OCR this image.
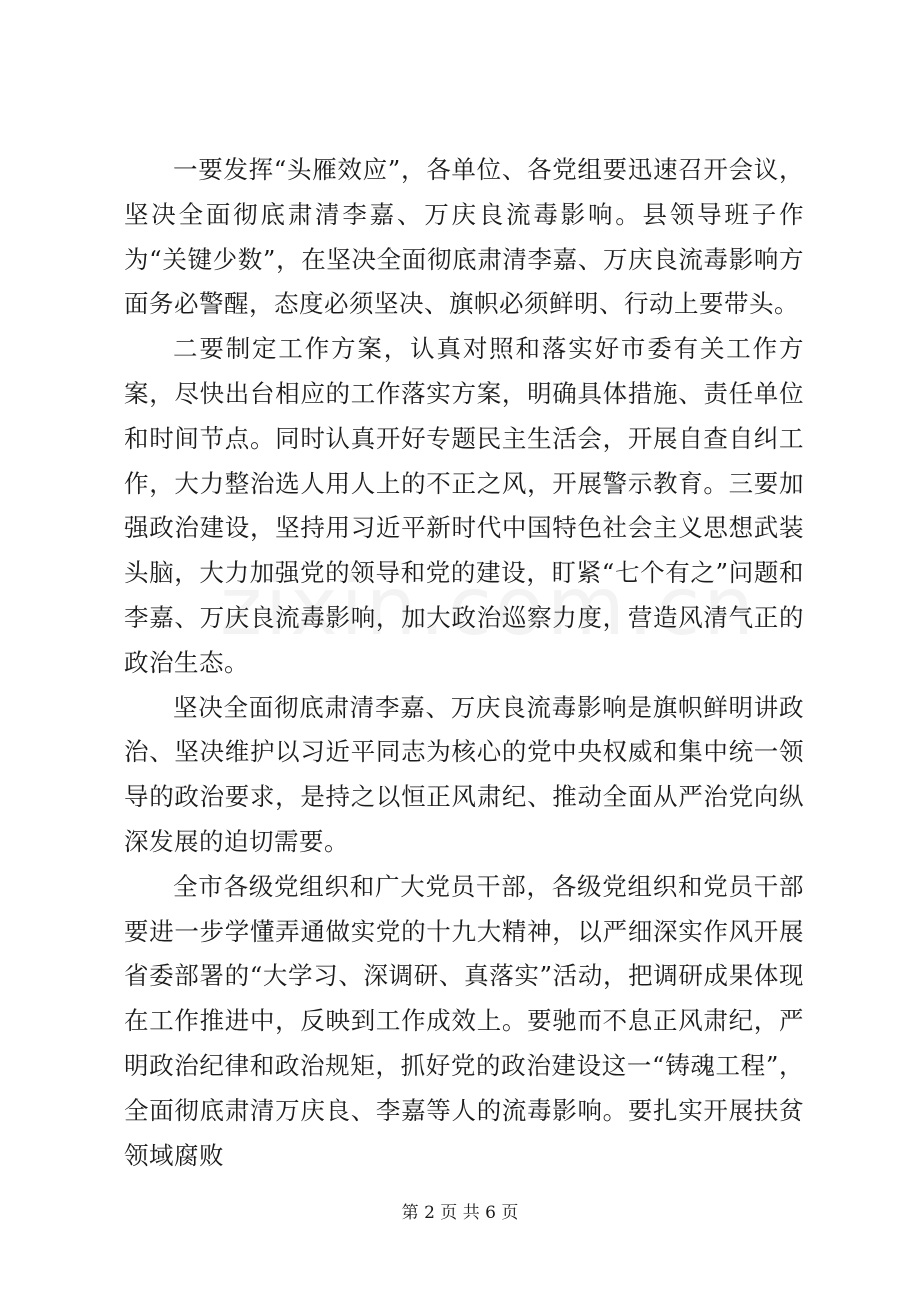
一要发挥“头雁效应”，各单位、各党组要迅速召开会议，坚决全面彻底肃清李嘉、万庆良流毒影响。县领导班子作为“关键少数”，在坚决全面彻底肃清李嘉、万庆良流毒影响方面务必警醒，态度必须坚决、旗帜必须鲜明、行动上要带头。

二要制定工作方案，认真对照和落实好市委有关工作方案，尽快出台相应的工作落实方案，明确具体措施、责任单位和时间节点。同时认真开好专题民主生活会，开展自查自纠工作，大力整治选人用人上的不正之风，开展警示教育。三要加强政治建设，坚持用习近平新时代中国特色社会主义思想武装头脑，大力加强党的领导和党的建设，盯紧“七个有之”问题和李嘉、万庆良流毒影响，加大政治巡察力度，营造风清气正的政治生态。

坚决全面彻底肃清李嘉、万庆良流毒影响是旗帜鲜明讲政治、坚决维护以习近平同志为核心的党中央权威和集中统一领导的政治要求，是持之以恒正风肃纪、推动全面从严治党向纵深发展的迫切需要。

全市各级党组织和广大党员干部，各级党组织和党员干部要进一步学懂弄通做实党的十九大精神，以严细深实作风开展省委部署的“大学习、深调研、真落实”活动，把调研成果体现在工作推进中，反映到工作成效上。要驰而不息正风肃纪，严明政治纪律和政治规矩，抓好党的政治建设这一“铸魂工程”，全面彻底肃清万庆良、李嘉等人的流毒影响。要扎实开展扶贫领域腐败

第 2 页 共 6 页
